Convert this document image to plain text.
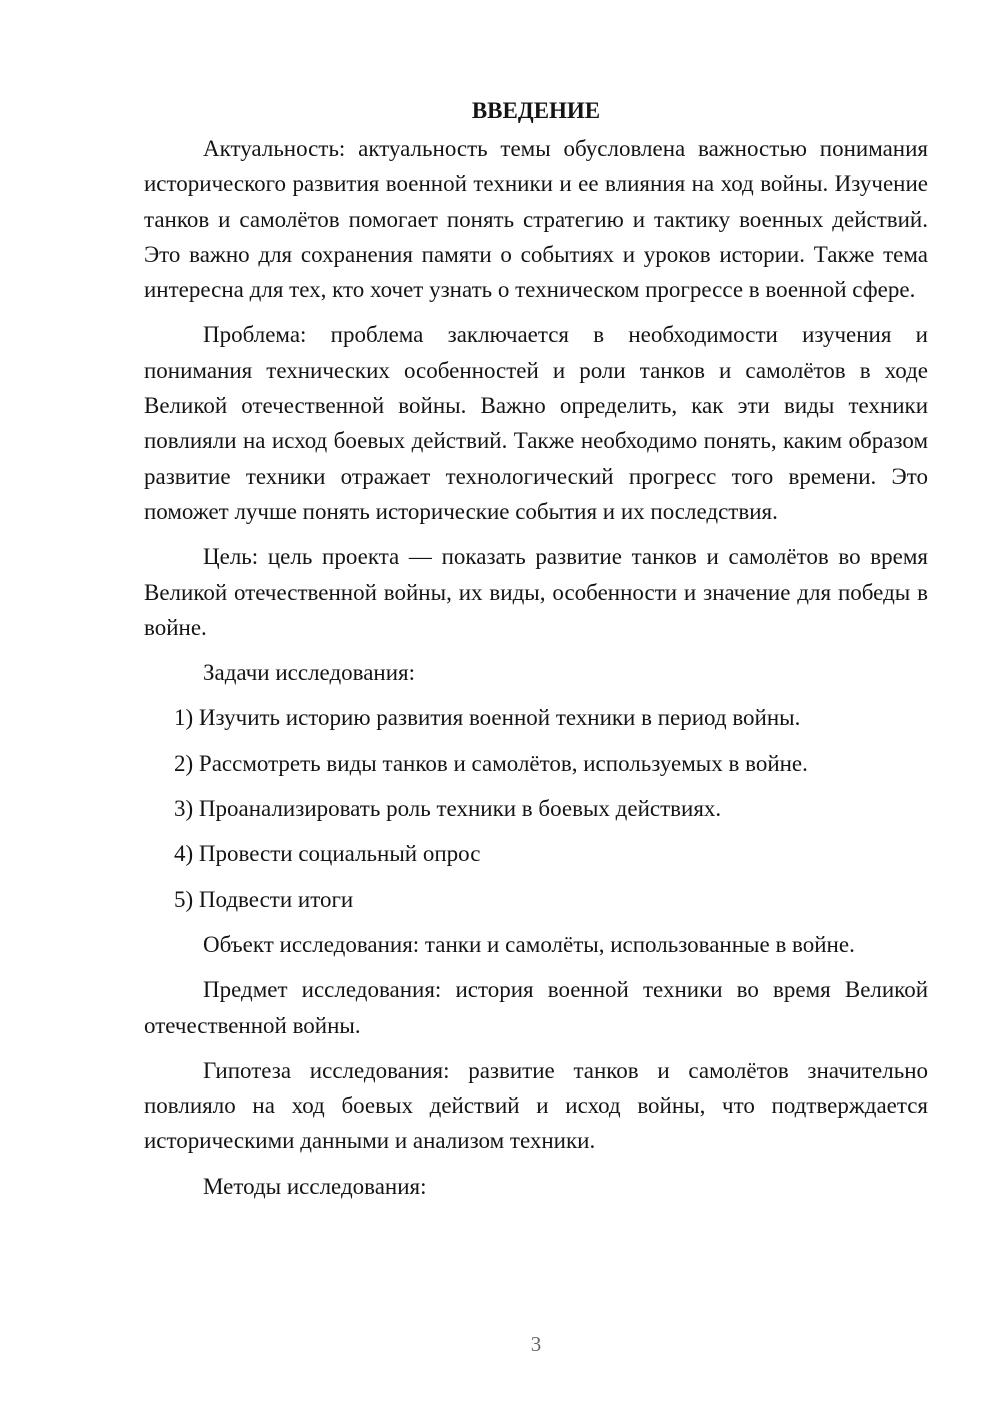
ВВЕДЕНИЕ

Актуальность: актуальность темы обусловлена важностью понимания исторического развития военной техники и ее влияния на ход войны. Изучение танков и самолётов помогает понять стратегию и тактику военных действий. Это важно для сохранения памяти о событиях и уроков истории. Также тема интересна для тех, кто хочет узнать о техническом прогрессе в военной сфере.

Проблема: проблема заключается в необходимости изучения и понимания технических особенностей и роли танков и самолётов в ходе Великой отечественной войны. Важно определить, как эти виды техники повлияли на исход боевых действий. Также необходимо понять, каким образом развитие техники отражает технологический прогресс того времени. Это поможет лучше понять исторические события и их последствия.

Цель: цель проекта — показать развитие танков и самолётов во время Великой отечественной войны, их виды, особенности и значение для победы в войне.

Задачи исследования:

1) Изучить историю развития военной техники в период войны.
2) Рассмотреть виды танков и самолётов, используемых в войне.
3) Проанализировать роль техники в боевых действиях.
4) Провести социальный опрос
5) Подвести итоги

Объект исследования: танки и самолёты, использованные в войне.

Предмет исследования: история военной техники во время Великой отечественной войны.

Гипотеза исследования: развитие танков и самолётов значительно повлияло на ход боевых действий и исход войны, что подтверждается историческими данными и анализом техники.

Методы исследования:

3
